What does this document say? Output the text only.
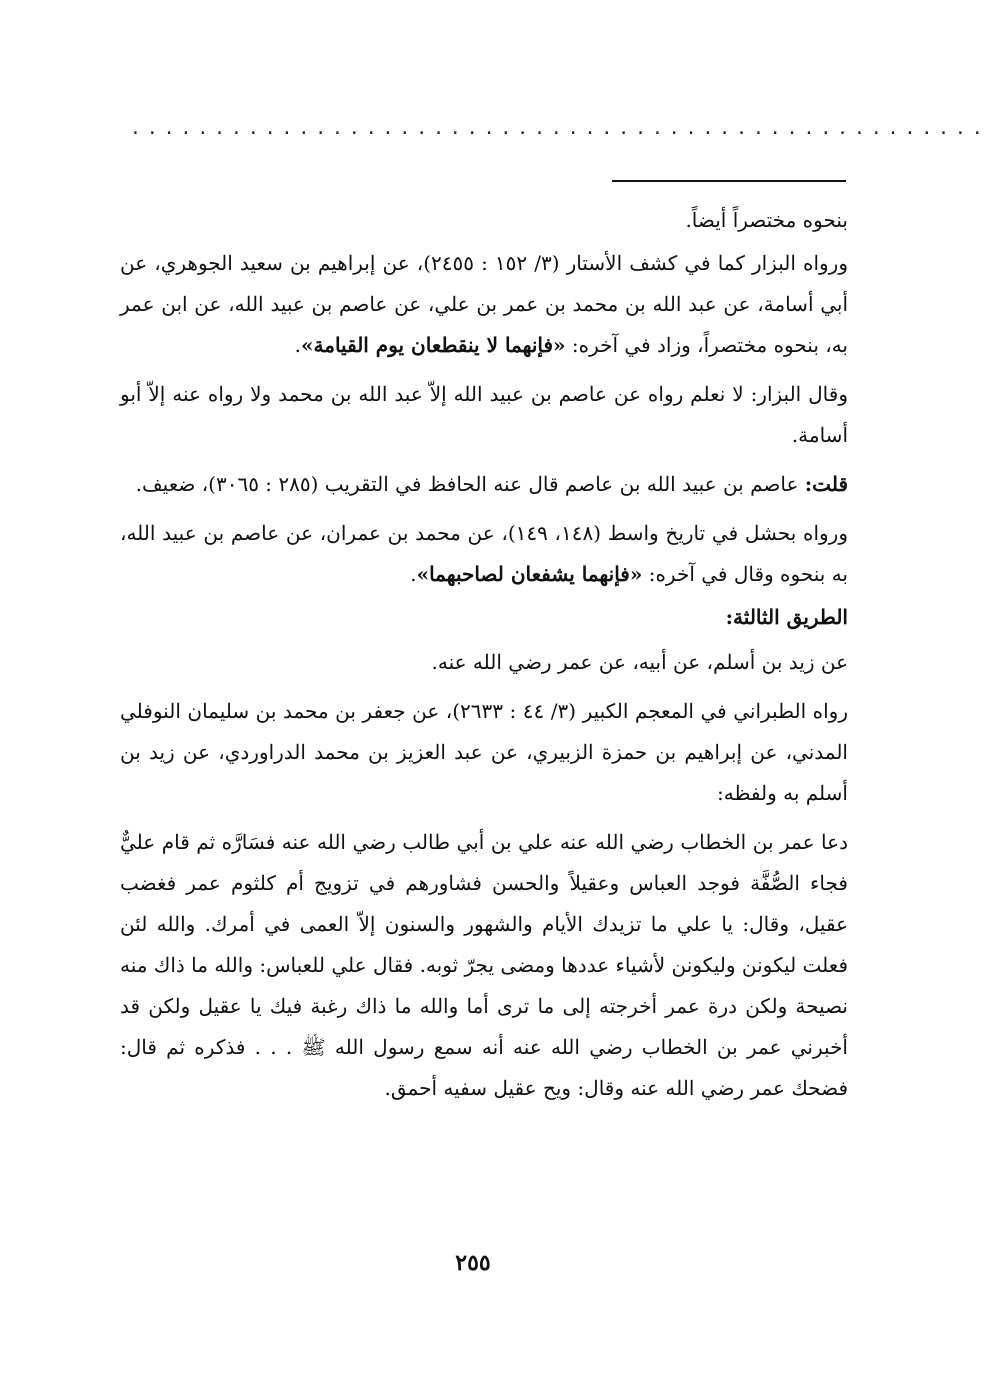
...................................................

بنحوه مختصراً أيضاً.

ورواه البزار كما في كشف الأستار (٣/ ١٥٢ : ٢٤٥٥)، عن إبراهيم بن سعيد الجوهري، عن أبي أسامة، عن عبد الله بن محمد بن عمر بن علي، عن عاصم بن عبيد الله، عن ابن عمر به، بنحوه مختصراً، وزاد في آخره: «فإنهما لا ينقطعان يوم القيامة».

وقال البزار: لا نعلم رواه عن عاصم بن عبيد الله إلاّ عبد الله بن محمد ولا رواه عنه إلاّ أبو أسامة.

قلت: عاصم بن عبيد الله بن عاصم قال عنه الحافظ في التقريب (٢٨٥ : ٣٠٦٥)، ضعيف.

ورواه بحشل في تاريخ واسط (١٤٨، ١٤٩)، عن محمد بن عمران، عن عاصم بن عبيد الله، به بنحوه وقال في آخره: «فإنهما يشفعان لصاحبهما».

الطريق الثالثة:

عن زيد بن أسلم، عن أبيه، عن عمر رضي الله عنه.

رواه الطبراني في المعجم الكبير (٣/ ٤٤ : ٢٦٣٣)، عن جعفر بن محمد بن سليمان النوفلي المدني، عن إبراهيم بن حمزة الزبيري، عن عبد العزيز بن محمد الدراوردي، عن زيد بن أسلم به ولفظه:

دعا عمر بن الخطاب رضي الله عنه علي بن أبي طالب رضي الله عنه فسَارَّه ثم قام عليٌّ فجاء الصُّفَّة فوجد العباس وعقيلاً والحسن فشاورهم في تزويج أم كلثوم عمر فغضب عقيل، وقال: يا علي ما تزيدك الأيام والشهور والسنون إلاّ العمى في أمرك. والله لئن فعلت ليكونن وليكونن لأشياء عددها ومضى يجرّ ثوبه. فقال علي للعباس: والله ما ذاك منه نصيحة ولكن درة عمر أخرجته إلى ما ترى أما والله ما ذاك رغبة فيك يا عقيل ولكن قد أخبرني عمر بن الخطاب رضي الله عنه أنه سمع رسول الله ﷺ . . . فذكره ثم قال: فضحك عمر رضي الله عنه وقال: ويح عقيل سفيه أحمق.

٢٥٥
